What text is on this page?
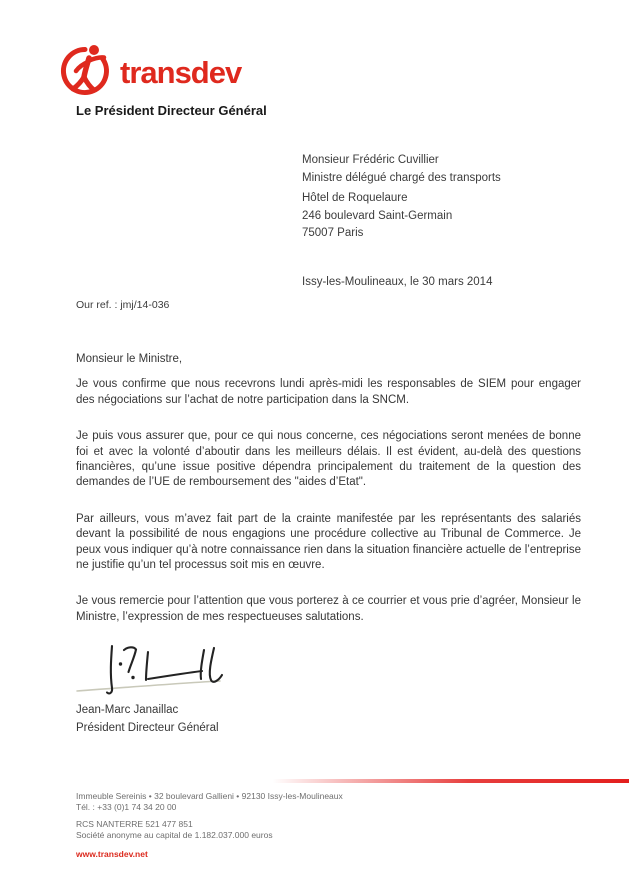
transdev
Le Président Directeur Général
Monsieur Frédéric Cuvillier
Ministre délégué chargé des transports
Hôtel de Roquelaure
246 boulevard Saint-Germain
75007 Paris
Issy-les-Moulineaux, le 30 mars 2014
Our ref. : jmj/14-036

Monsieur le Ministre,

Je vous confirme que nous recevrons lundi après-midi les responsables de SIEM pour engager des négociations sur l’achat de notre participation dans la SNCM.

Je puis vous assurer que, pour ce qui nous concerne, ces négociations seront menées de bonne foi et avec la volonté d’aboutir dans les meilleurs délais. Il est évident, au-delà des questions financières, qu’une issue positive dépendra principalement du traitement de la question des demandes de l’UE de remboursement des "aides d’Etat".

Par ailleurs, vous m’avez fait part de la crainte manifestée par les représentants des salariés devant la possibilité de nous engagions une procédure collective au Tribunal de Commerce. Je peux vous indiquer qu’à notre connaissance rien dans la situation financière actuelle de l’entreprise ne justifie qu’un tel processus soit mis en œuvre.

Je vous remercie pour l’attention que vous porterez à ce courrier et vous prie d’agréer, Monsieur le Ministre, l’expression de mes respectueuses salutations.

Jean-Marc Janaillac
Président Directeur Général
Immeuble Sereinis • 32 boulevard Gallieni • 92130 Issy-les-Moulineaux
Tél. : +33 (0)1 74 34 20 00
RCS NANTERRE 521 477 851
Société anonyme au capital de 1.182.037.000 euros
www.transdev.net
